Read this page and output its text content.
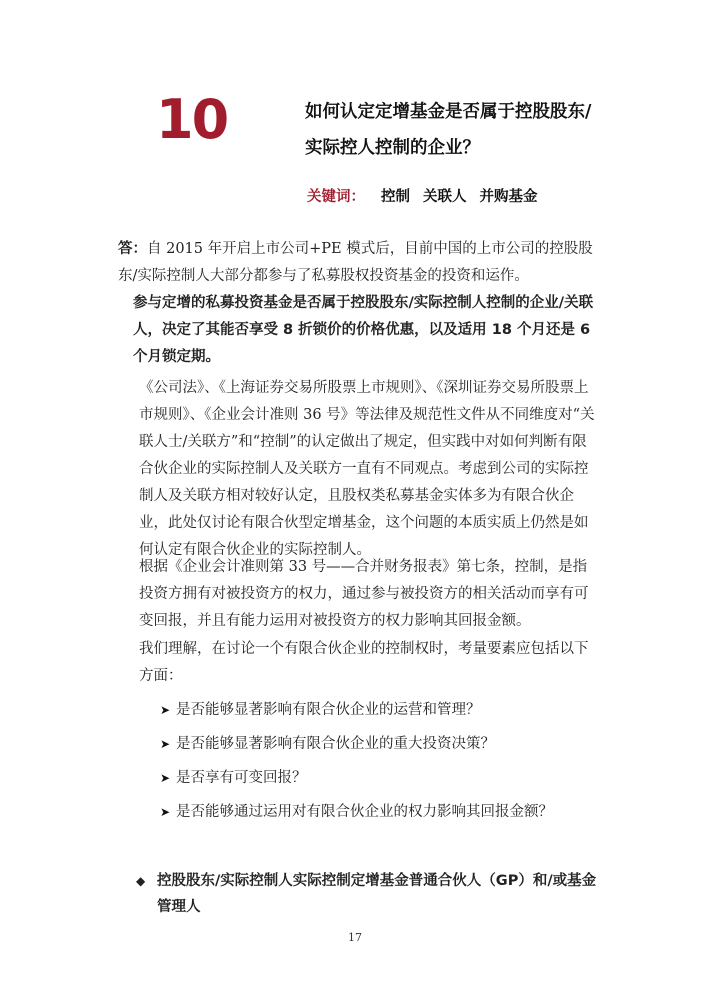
10	如何认定定增基金是否属于控股股东/实际控人控制的企业？
关键词： 控制 关联人 并购基金
答：自 2015 年开启上市公司+PE 模式后，目前中国的上市公司的控股股东/实际控制人大部分都参与了私募股权投资基金的投资和运作。
参与定增的私募投资基金是否属于控股股东/实际控制人控制的企业/关联人，决定了其能否享受 8 折锁价的价格优惠，以及适用 18 个月还是 6 个月锁定期。
《公司法》、《上海证券交易所股票上市规则》、《深圳证券交易所股票上市规则》、《企业会计准则 36 号》等法律及规范性文件从不同维度对“关联人士/关联方”和“控制”的认定做出了规定，但实践中对如何判断有限合伙企业的实际控制人及关联方一直有不同观点。考虑到公司的实际控制人及关联方相对较好认定，且股权类私募基金实体多为有限合伙企业，此处仅讨论有限合伙型定增基金，这个问题的本质实质上仍然是如何认定有限合伙企业的实际控制人。
根据《企业会计准则第 33 号——合并财务报表》第七条，控制，是指投资方拥有对被投资方的权力，通过参与被投资方的相关活动而享有可变回报，并且有能力运用对被投资方的权力影响其回报金额。
我们理解，在讨论一个有限合伙企业的控制权时，考量要素应包括以下方面：
➤ 是否能够显著影响有限合伙企业的运营和管理？
➤ 是否能够显著影响有限合伙企业的重大投资决策？
➤ 是否享有可变回报？
➤ 是否能够通过运用对有限合伙企业的权力影响其回报金额？
◆ 控股股东/实际控制人实际控制定增基金普通合伙人（GP）和/或基金管理人
17
